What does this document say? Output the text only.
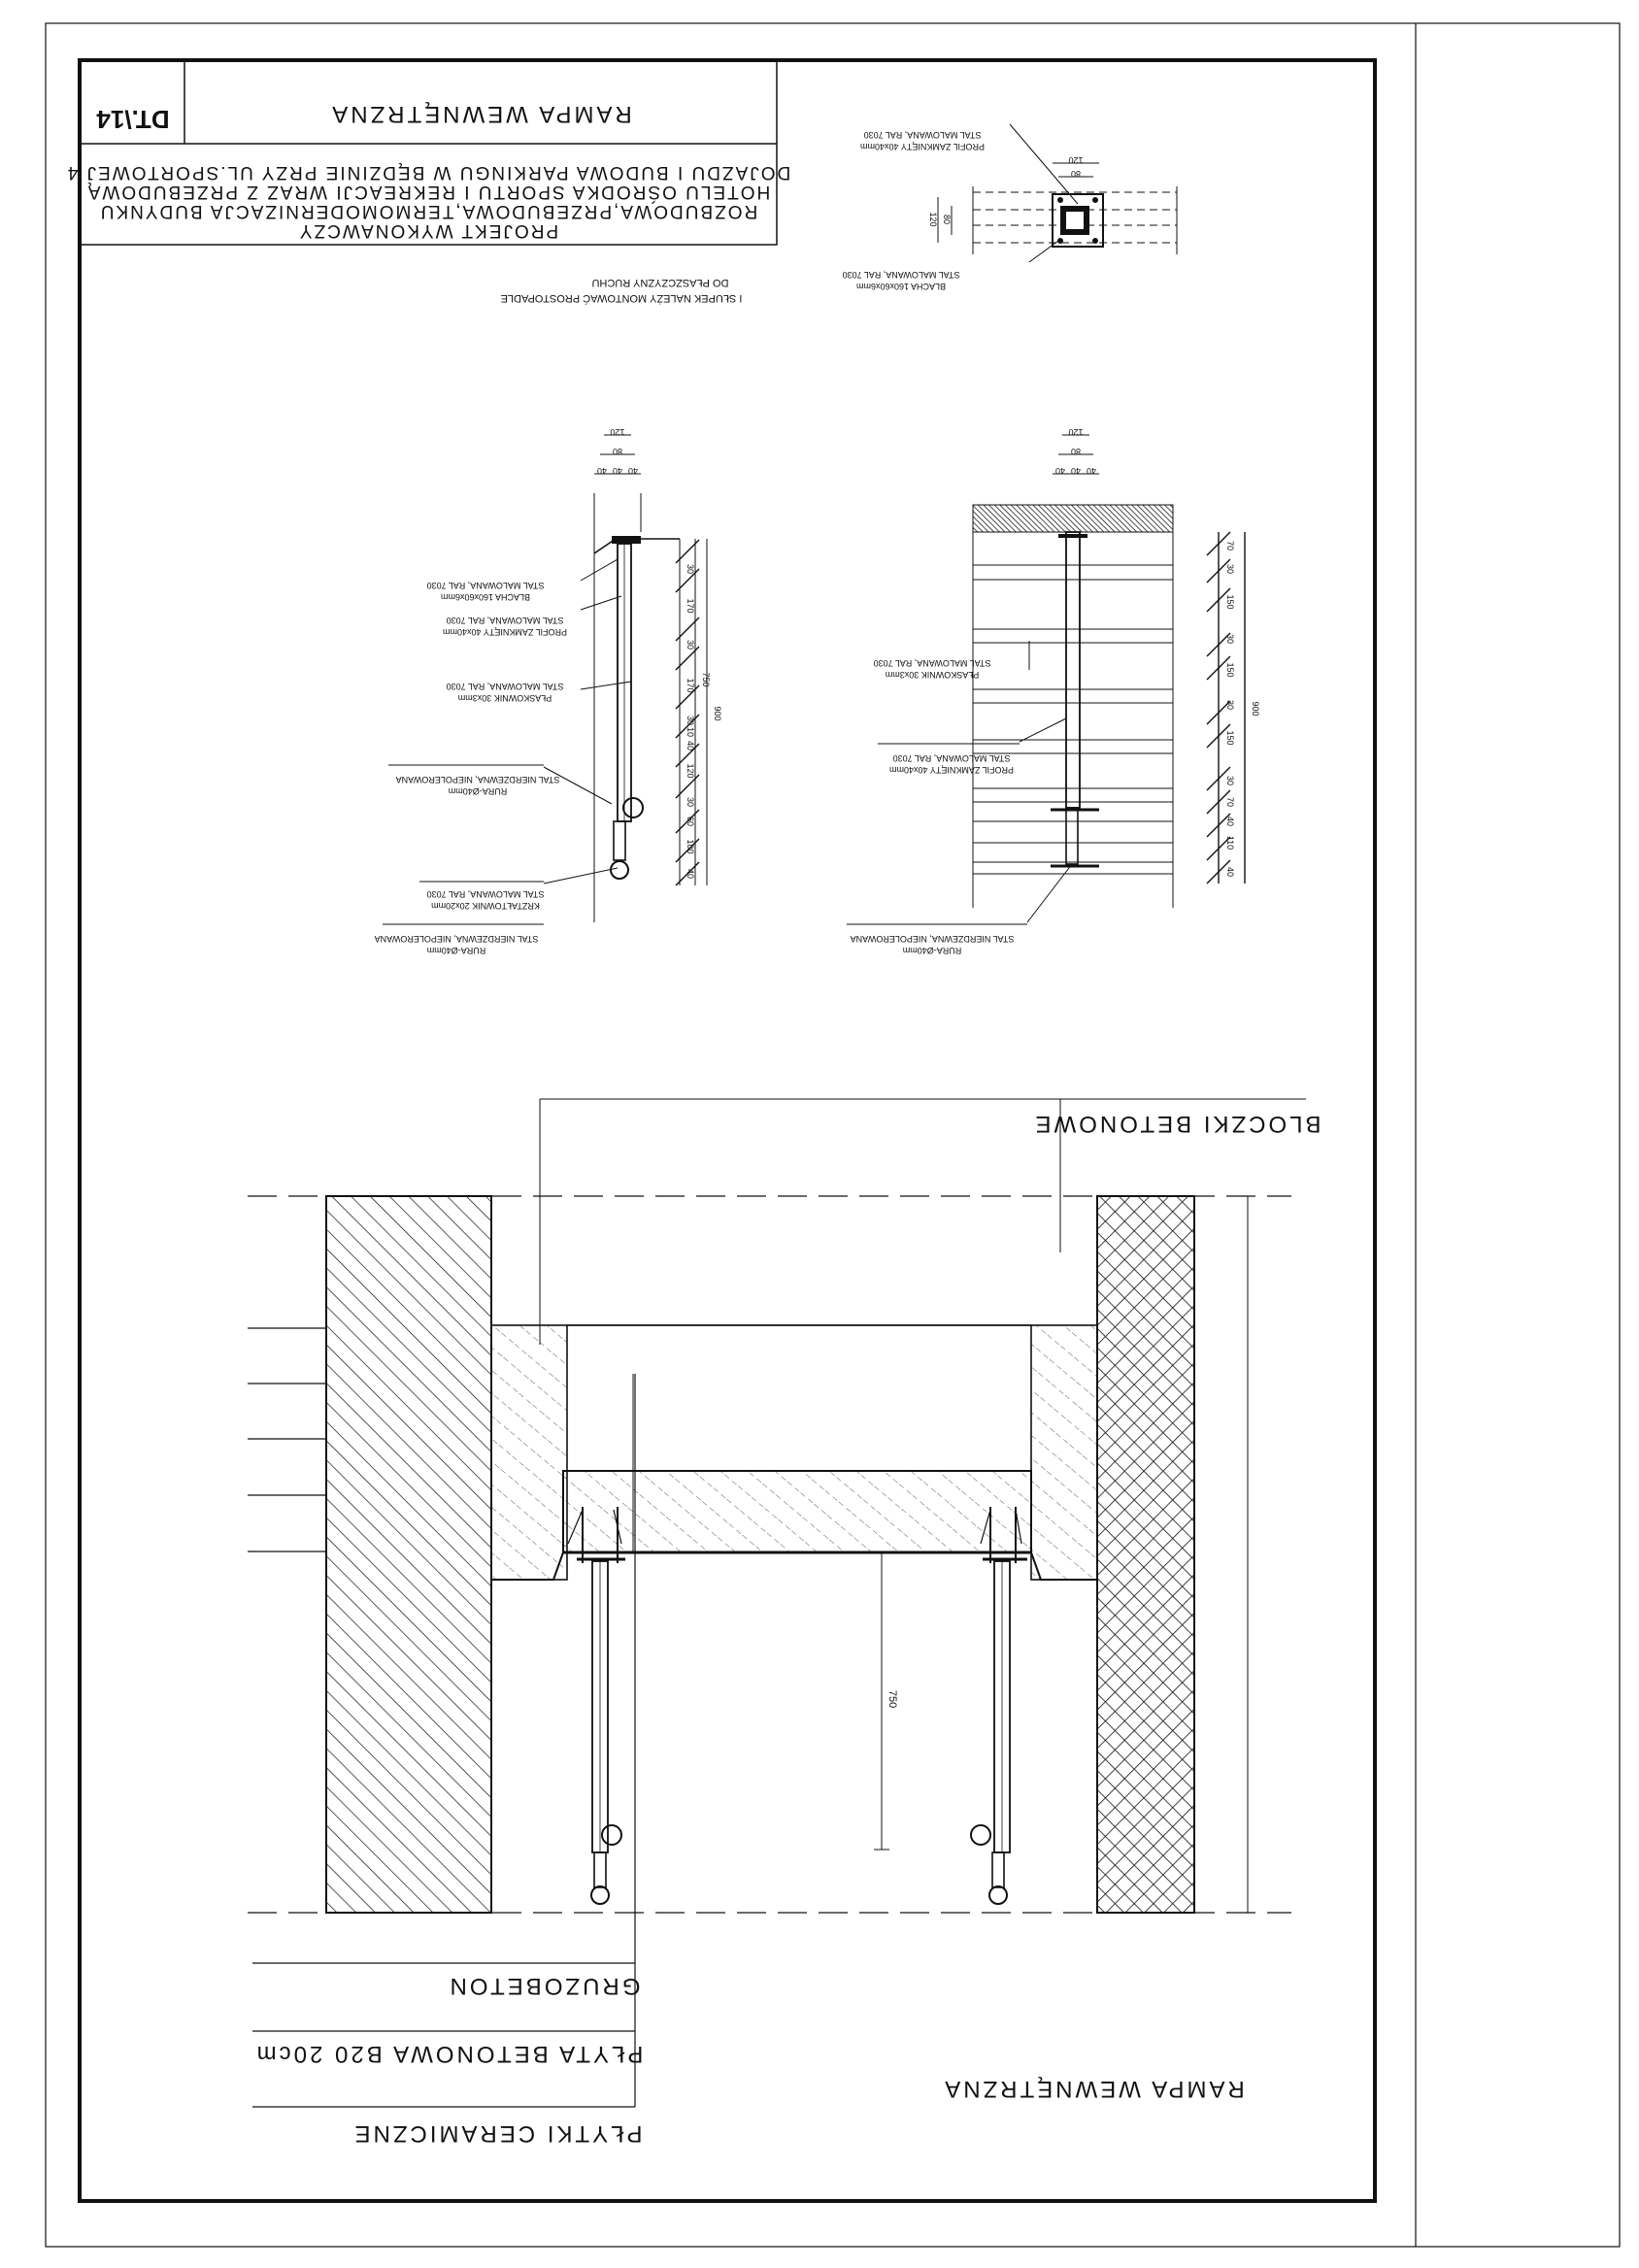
RAMPA WEWNĘTRZNA
DT.\14
PROJEKT WYKONAWCZY
ROZBUDOWA,PRZEBUDOWA,TERMOMODERNIZACJA BUDYNKU
HOTELU OŚRODKA SPORTU I REKREACJI WRAZ Z PRZEBUDOWĄ
DOJAZDU I BUDOWA PARKINGU W BĘDZINIE PRZY UL.SPORTOWEJ 4
I SŁUPEK NALEŻY MONTOWAĆ PROSTOPADLE
DO PŁASZCZYZNY RUCHU
120
80
120 80
BLACHA 160x60x6mm
STAL MALOWANA, RAL 7030
PROFIL ZAMKNIĘTY 40x40mm
STAL MALOWANA, RAL 7030
40
100
60
30
120
40
10
30
170
30
170
30
750
900
40 40 40
80
120
RURA-Ø40mm
STAL NIERDZEWNA, NIEPOLEROWANA
KRZTAŁTOWNIK 20x20mm
STAL MALOWANA, RAL 7030
RURA-Ø40mm
STAL NIERDZEWNA, NIEPOLEROWANA
PŁASKOWNIK 30x3mm
STAL MALOWANA, RAL 7030
PROFIL ZAMKNIĘTY 40x40mm
STAL MALOWANA, RAL 7030
BLACHA 160x60x6mm
STAL MALOWANA, RAL 7030
40
110
40
70
30
150
30
150
30
150
30
70
900
40 40 40
80
120
RURA-Ø40mm
STAL NIERDZEWNA, NIEPOLEROWANA
PROFIL ZAMKNIĘTY 40x40mm
STAL MALOWANA, RAL 7030
PŁASKOWNIK 30x3mm
STAL MALOWANA, RAL 7030
BLOCZKI BETONOWE
750
GRUZOBETON
PŁYTA BETONOWA B20 20cm
PŁYTKI CERAMICZNE
RAMPA WEWNĘTRZNA
